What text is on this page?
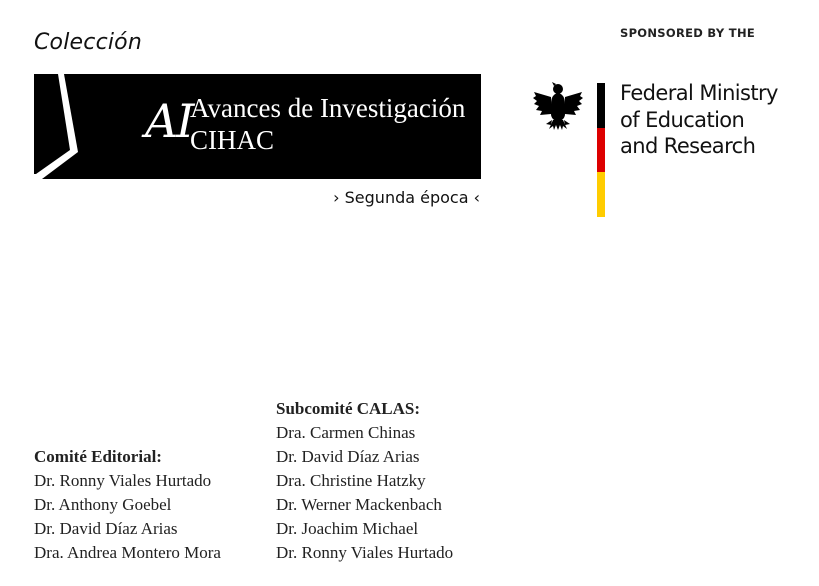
Colección
AI
Avances de Investigación
CIHAC
› Segunda época ‹
SPONSORED BY THE
Federal Ministry
of Education
and Research
Comité Editorial:
Dr. Ronny Viales Hurtado
Dr. Anthony Goebel
Dr. David Díaz Arias
Dra. Andrea Montero Mora
Subcomité CALAS:
Dra. Carmen Chinas
Dr. David Díaz Arias
Dra. Christine Hatzky
Dr. Werner Mackenbach
Dr. Joachim Michael
Dr. Ronny Viales Hurtado
